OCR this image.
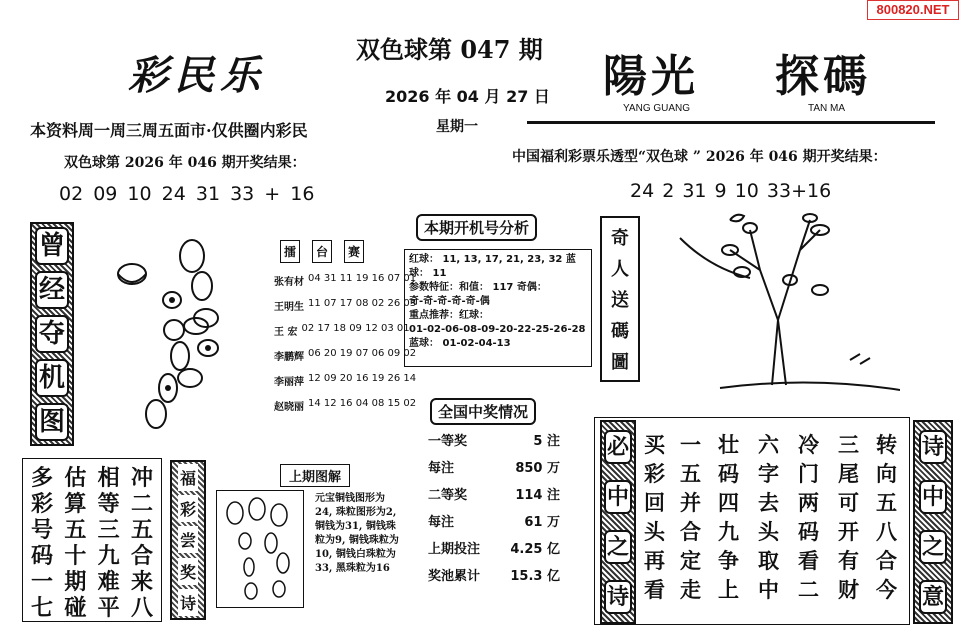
800820.NET
彩民乐
双色球第 047 期
2026 年 04 月 27 日
星期一
陽光 探碼
YANG GUANG	TAN MA
本资料周一周三周五面市·仅供圈内彩民
双色球第 2026 年 046 期开奖结果：
02 09 10 24 31 33 + 16
中国福利彩票乐透型“双色球 ” 2026 年 046 期开奖结果：
24 2 31 9 10 33+16
曾
经
夺
机
图
擂	台	赛
张有材 04 31 11 19 16 07 01
王明生 11 07 17 08 02 26 03
王 宏 02 17 18 09 12 03 01
李鹏辉 06 20 19 07 06 09 02
李丽萍 12 09 20 16 19 26 14
赵晓丽 14 12 16 04 08 15 02
本期开机号分析
红球： 11, 13, 17, 21, 23, 32 蓝球： 11
参数特征：和值： 117 奇偶：
奇-奇-奇-奇-奇-偶
重点推荐：红球：
01-02-06-08-09-20-22-25-26-28
蓝球： 01-02-04-13
全国中奖情况
一等奖	5 注
每注	850 万
二等奖	114 注
每注	61 万
上期投注	4.25 亿
奖池累计	15.3 亿
奇
人
送
碼
圖
冲
二
五
合
来
八
相
等
三
九
难
平
估
算
五
十
期
碰
多
彩
号
码
一
七
福
彩
尝
奖
诗
上期图解
元宝铜钱图形为24, 珠粒图形为2, 铜钱为31, 铜钱珠粒为9, 铜钱珠粒为10, 铜钱白珠粒为33, 黑珠粒为16
必
中
之
诗
诗
中
之
意
转
向
五
八
合
今
三
尾
可
开
有
财
冷
门
两
码
看
二
六
字
去
头
取
中
壮
码
四
九
争
上
一
五
并
合
定
走
买
彩
回
头
再
看
